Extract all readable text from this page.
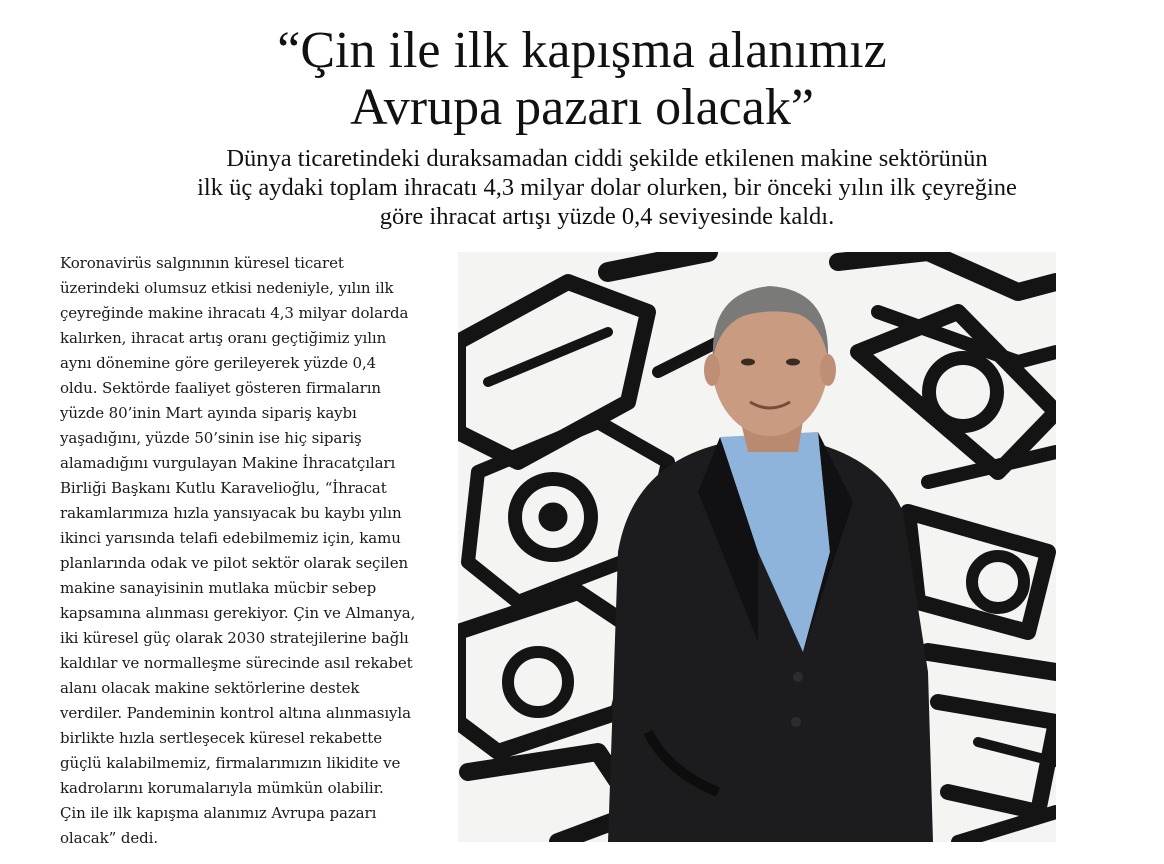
“Çin ile ilk kapışma alanımız
Avrupa pazarı olacak”

Dünya ticaretindeki duraksamadan ciddi şekilde etkilenen makine sektörünün
ilk üç aydaki toplam ihracatı 4,3 milyar dolar olurken, bir önceki yılın ilk çeyreğine
göre ihracat artışı yüzde 0,4 seviyesinde kaldı.

Koronavirüs salgınının küresel ticaret
üzerindeki olumsuz etkisi nedeniyle, yılın ilk
çeyreğinde makine ihracatı 4,3 milyar dolarda
kalırken, ihracat artış oranı geçtiğimiz yılın
aynı dönemine göre gerileyerek yüzde 0,4
oldu. Sektörde faaliyet gösteren firmaların
yüzde 80’inin Mart ayında sipariş kaybı
yaşadığını, yüzde 50’sinin ise hiç sipariş
alamadığını vurgulayan Makine İhracatçıları
Birliği Başkanı Kutlu Karavelioğlu, “İhracat
rakamlarımıza hızla yansıyacak bu kaybı yılın
ikinci yarısında telafi edebilmemiz için, kamu
planlarında odak ve pilot sektör olarak seçilen
makine sanayisinin mutlaka mücbir sebep
kapsamına alınması gerekiyor. Çin ve Almanya,
iki küresel güç olarak 2030 stratejilerine bağlı
kaldılar ve normalleşme sürecinde asıl rekabet
alanı olacak makine sektörlerine destek
verdiler. Pandeminin kontrol altına alınmasıyla
birlikte hızla sertleşecek küresel rekabette
güçlü kalabilmemiz, firmalarımızın likidite ve
kadrolarını korumalarıyla mümkün olabilir.
Çin ile ilk kapışma alanımız Avrupa pazarı
olacak” dedi.
